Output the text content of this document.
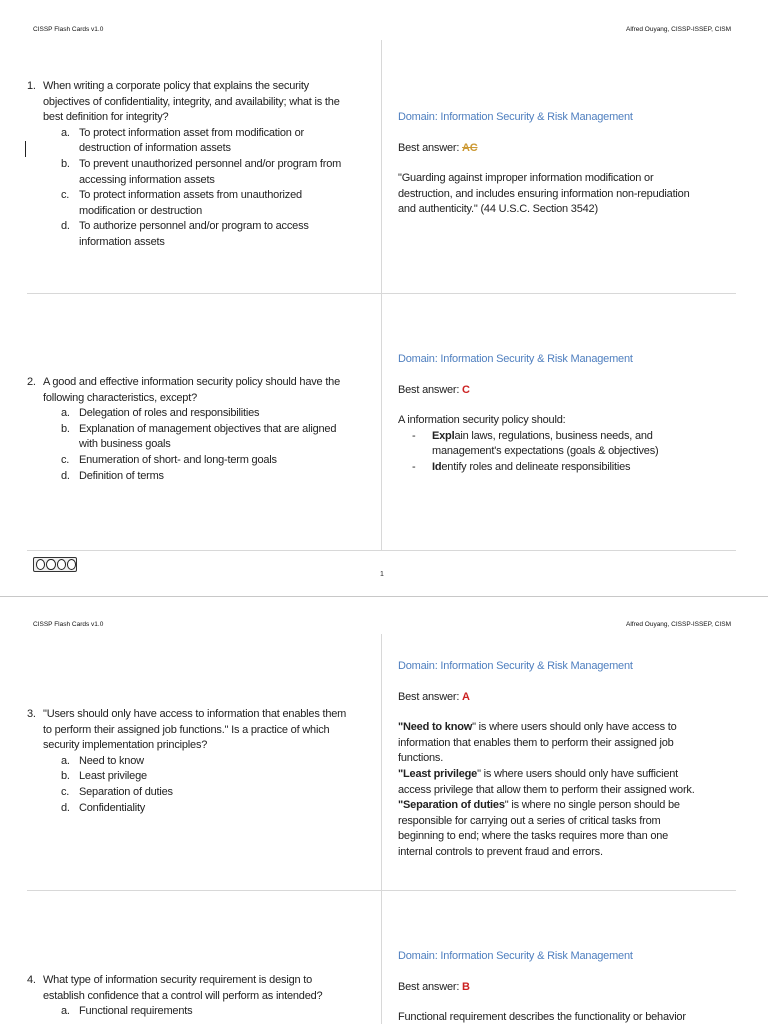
CISSP Flash Cards v1.0	Alfred Ouyang, CISSP-ISSEP, CISM
1. When writing a corporate policy that explains the security
objectives of confidentiality, integrity, and availability; what is the
best definition for integrity?
a. To protect information asset from modification or
destruction of information assets
b. To prevent unauthorized personnel and/or program from
accessing information assets
c. To protect information assets from unauthorized
modification or destruction
d. To authorize personnel and/or program to access
information assets
Domain: Information Security & Risk Management
Best answer: AC
"Guarding against improper information modification or
destruction, and includes ensuring information non-repudiation
and authenticity." (44 U.S.C. Section 3542)
2. A good and effective information security policy should have the
following characteristics, except?
a. Delegation of roles and responsibilities
b. Explanation of management objectives that are aligned
with business goals
c. Enumeration of short- and long-term goals
d. Definition of terms
Domain: Information Security & Risk Management
Best answer: C
A information security policy should:
-	Explain laws, regulations, business needs, and
management's expectations (goals & objectives)
-	Identify roles and delineate responsibilities
1
CISSP Flash Cards v1.0	Alfred Ouyang, CISSP-ISSEP, CISM
3. "Users should only have access to information that enables them
to perform their assigned job functions." Is a practice of which
security implementation principles?
a. Need to know
b. Least privilege
c. Separation of duties
d. Confidentiality
Domain: Information Security & Risk Management
Best answer: A
"Need to know" is where users should only have access to
information that enables them to perform their assigned job
functions.
"Least privilege" is where users should only have sufficient
access privilege that allow them to perform their assigned work.
"Separation of duties" is where no single person should be
responsible for carrying out a series of critical tasks from
beginning to end; where the tasks requires more than one
internal controls to prevent fraud and errors.
4. What type of information security requirement is design to
establish confidence that a control will perform as intended?
a. Functional requirements
Domain: Information Security & Risk Management
Best answer: B
Functional requirement describes the functionality or behavior
